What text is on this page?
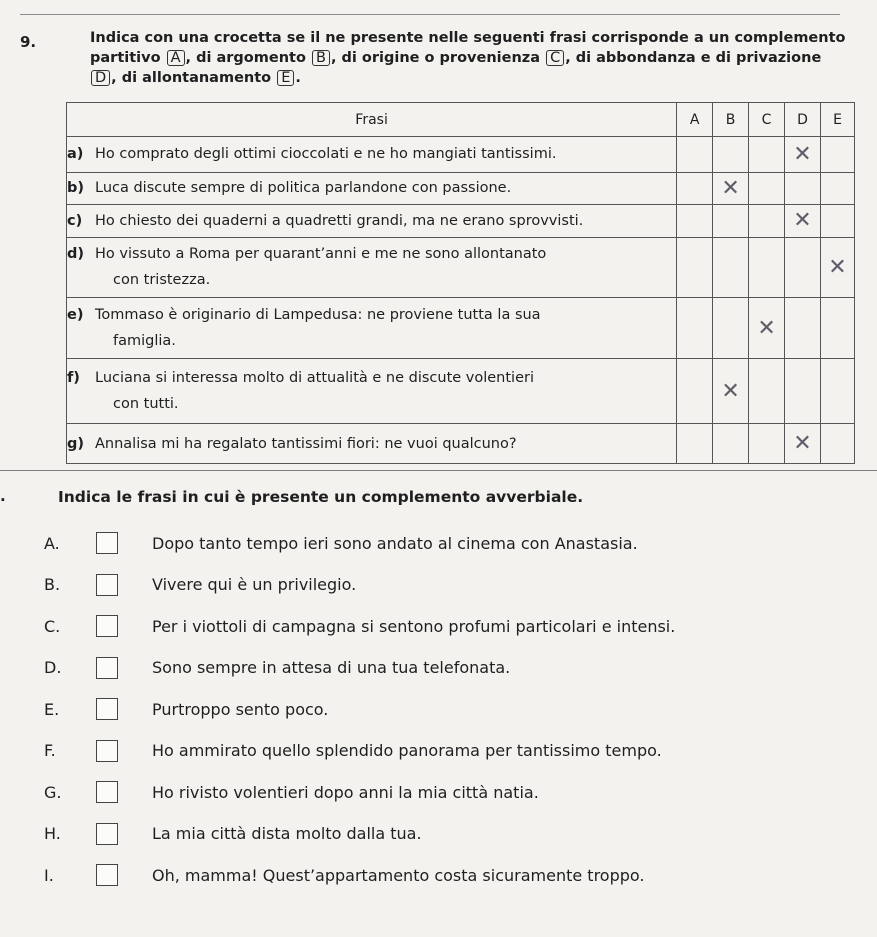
9.	Indica con una crocetta se il ne presente nelle seguenti frasi corrisponde a un complemento
partitivo A , di argomento B , di origine o provenienza C , di abbondanza e di privazione
D , di allontanamento E .
Frasi	A	B	C	D	E
a) Ho comprato degli ottimi cioccolati e ne ho mangiati tantissimi.				✕	
b) Luca discute sempre di politica parlandone con passione.		✕			
c) Ho chiesto dei quaderni a quadretti grandi, ma ne erano sprovvisti.				✕	
d) Ho vissuto a Roma per quarant’anni e me ne sono allontanato
con tristezza.					✕
e) Tommaso è originario di Lampedusa: ne proviene tutta la sua
famiglia.			✕		
f) Luciana si interessa molto di attualità e ne discute volentieri
con tutti.		✕			
g) Annalisa mi ha regalato tantissimi fiori: ne vuoi qualcuno?				✕	
.	Indica le frasi in cui è presente un complemento avverbiale.
A.	Dopo tanto tempo ieri sono andato al cinema con Anastasia.
B.	Vivere qui è un privilegio.
C.	Per i viottoli di campagna si sentono profumi particolari e intensi.
D.	Sono sempre in attesa di una tua telefonata.
E.	Purtroppo sento poco.
F.	Ho ammirato quello splendido panorama per tantissimo tempo.
G.	Ho rivisto volentieri dopo anni la mia città natia.
H.	La mia città dista molto dalla tua.
I.	Oh, mamma! Quest’appartamento costa sicuramente troppo.
